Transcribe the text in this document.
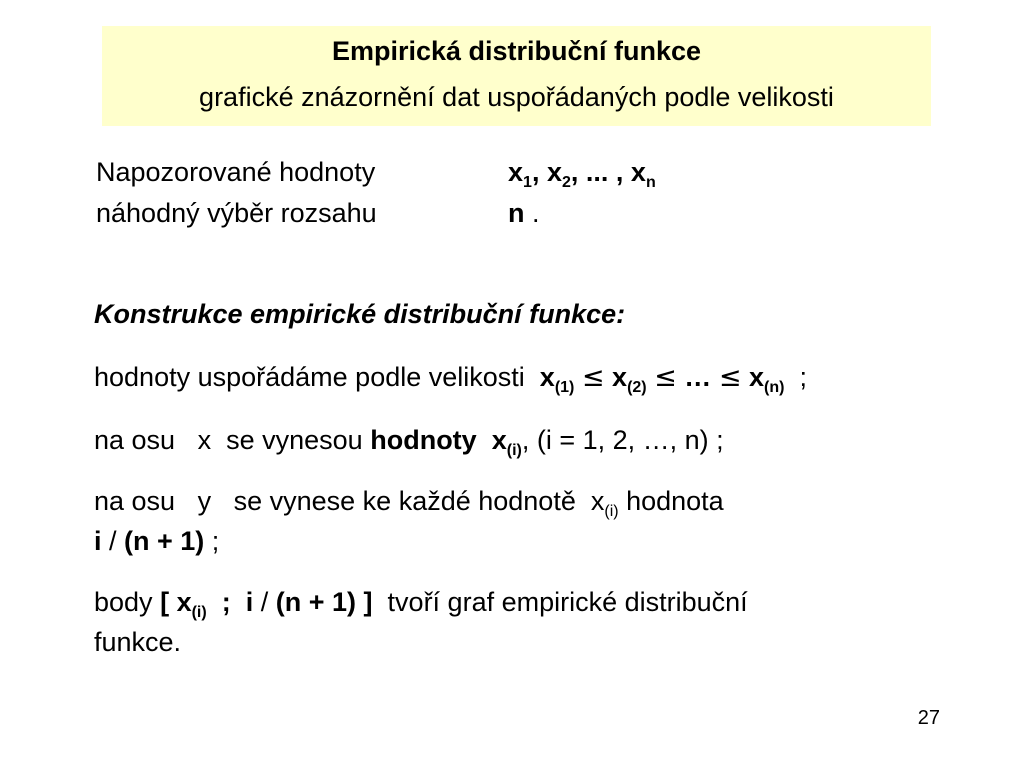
Empirická distribuční funkce
grafické znázornění dat uspořádaných podle velikosti
Napozorované hodnoty	$x_1$, $x_2$, ... , $x_n$
náhodný výběr rozsahu	n .
Konstrukce empirické distribuční funkce:
hodnoty uspořádáme podle velikosti $x_{(1)} \le x_{(2)}$ ≤ … ≤ $x_{(n)}$ ;
na osu x se vynesou hodnoty $x_{(i)}$, (i = 1, 2, …, n) ;
na osu y se vynese ke každé hodnotě $x_{(i)}$ hodnota
i / (n + 1) ;
body [ $x_{(i)}$ ; i / (n + 1) ] tvoří graf empirické distribuční
funkce.
27
